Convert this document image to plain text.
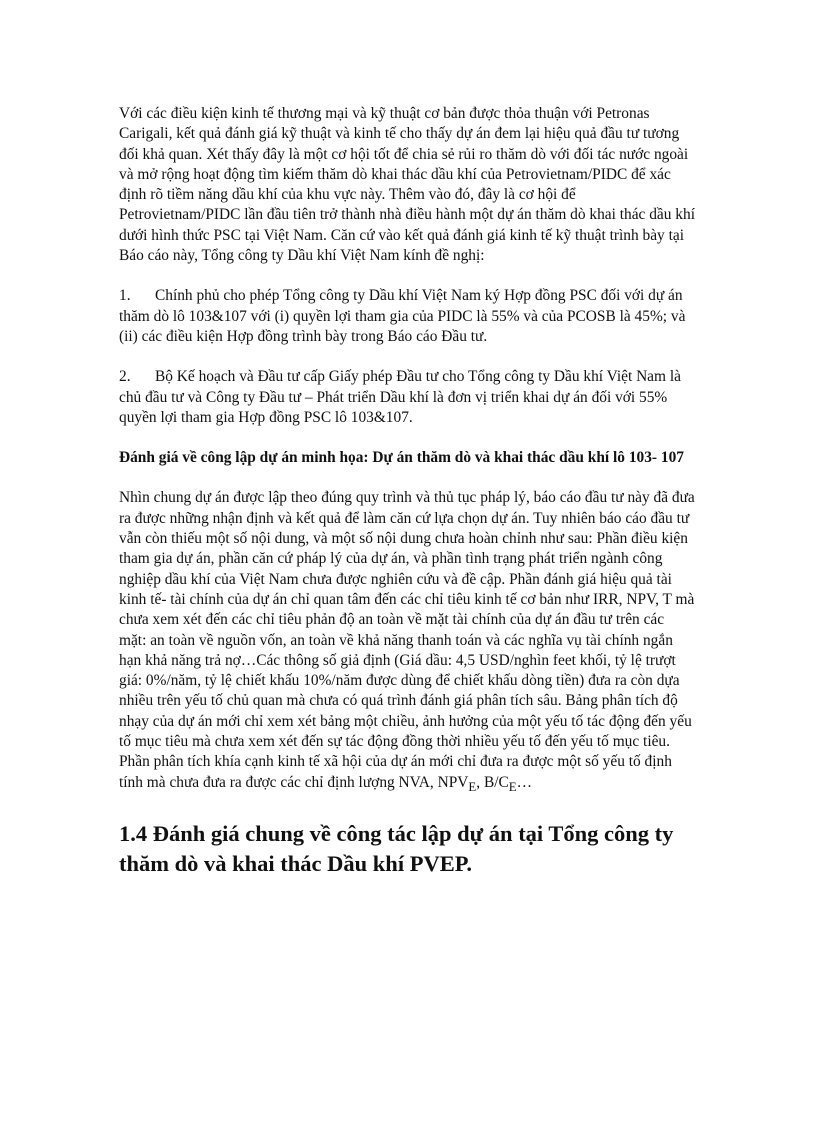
Với các điều kiện kinh tế thương mại và kỹ thuật cơ bản được thỏa thuận với Petronas Carigali, kết quả đánh giá kỹ thuật và kinh tế cho thấy dự án đem lại hiệu quả đầu tư tương đối khả quan. Xét thấy đây là một cơ hội tốt để chia sẻ rủi ro thăm dò với đối tác nước ngoài và mở rộng hoạt động tìm kiếm thăm dò khai thác dầu khí của Petrovietnam/PIDC để xác định rõ tiềm năng dầu khí của khu vực này. Thêm vào đó, đây là cơ hội để Petrovietnam/PIDC lần đầu tiên trở thành nhà điều hành một dự án thăm dò khai thác dầu khí dưới hình thức PSC tại Việt Nam. Căn cứ vào kết quả đánh giá kinh tế kỹ thuật trình bày tại Báo cáo này, Tổng công ty Dầu khí Việt Nam kính đề nghị:

1. Chính phủ cho phép Tổng công ty Dầu khí Việt Nam ký Hợp đồng PSC đối với dự án thăm dò lô 103&107 với (i) quyền lợi tham gia của PIDC là 55% và của PCOSB là 45%; và (ii) các điều kiện Hợp đồng trình bày trong Báo cáo Đầu tư.

2. Bộ Kế hoạch và Đầu tư cấp Giấy phép Đầu tư cho Tổng công ty Dầu khí Việt Nam là chủ đầu tư và Công ty Đầu tư – Phát triển Dầu khí là đơn vị triển khai dự án đối với 55% quyền lợi tham gia Hợp đồng PSC lô 103&107.

Đánh giá về công lập dự án minh họa: Dự án thăm dò và khai thác dầu khí lô 103- 107

Nhìn chung dự án được lập theo đúng quy trình và thủ tục pháp lý, báo cáo đầu tư này đã đưa ra được những nhận định và kết quả để làm căn cứ lựa chọn dự án. Tuy nhiên báo cáo đầu tư vẫn còn thiếu một số nội dung, và một số nội dung chưa hoàn chỉnh như sau: Phần điều kiện tham gia dự án, phần căn cứ pháp lý của dự án, và phần tình trạng phát triển ngành công nghiệp dầu khí của Việt Nam chưa được nghiên cứu và đề cập. Phần đánh giá hiệu quả tài kinh tế- tài chính của dự án chỉ quan tâm đến các chỉ tiêu kinh tế cơ bản như IRR, NPV, T mà chưa xem xét đến các chỉ tiêu phản độ an toàn về mặt tài chính của dự án đầu tư trên các mặt: an toàn về nguồn vốn, an toàn về khả năng thanh toán và các nghĩa vụ tài chính ngắn hạn khả năng trả nợ…Các thông số giả định (Giá dầu: 4,5 USD/nghìn feet khối, tỷ lệ trượt giá: 0%/năm, tỷ lệ chiết khấu 10%/năm được dùng để chiết khấu dòng tiền) đưa ra còn dựa nhiều trên yếu tố chủ quan mà chưa có quá trình đánh giá phân tích sâu. Bảng phân tích độ nhạy của dự án mới chỉ xem xét bảng một chiều, ảnh hưởng của một yếu tố tác động đến yếu tố mục tiêu mà chưa xem xét đến sự tác động đồng thời nhiều yếu tố đến yếu tố mục tiêu. Phần phân tích khía cạnh kinh tế xã hội của dự án mới chỉ đưa ra được một số yếu tố định tính mà chưa đưa ra được các chỉ định lượng NVA, $NPV_E$, $B/C_E\dots$

1.4 Đánh giá chung về công tác lập dự án tại Tổng công ty thăm dò và khai thác Dầu khí PVEP.
